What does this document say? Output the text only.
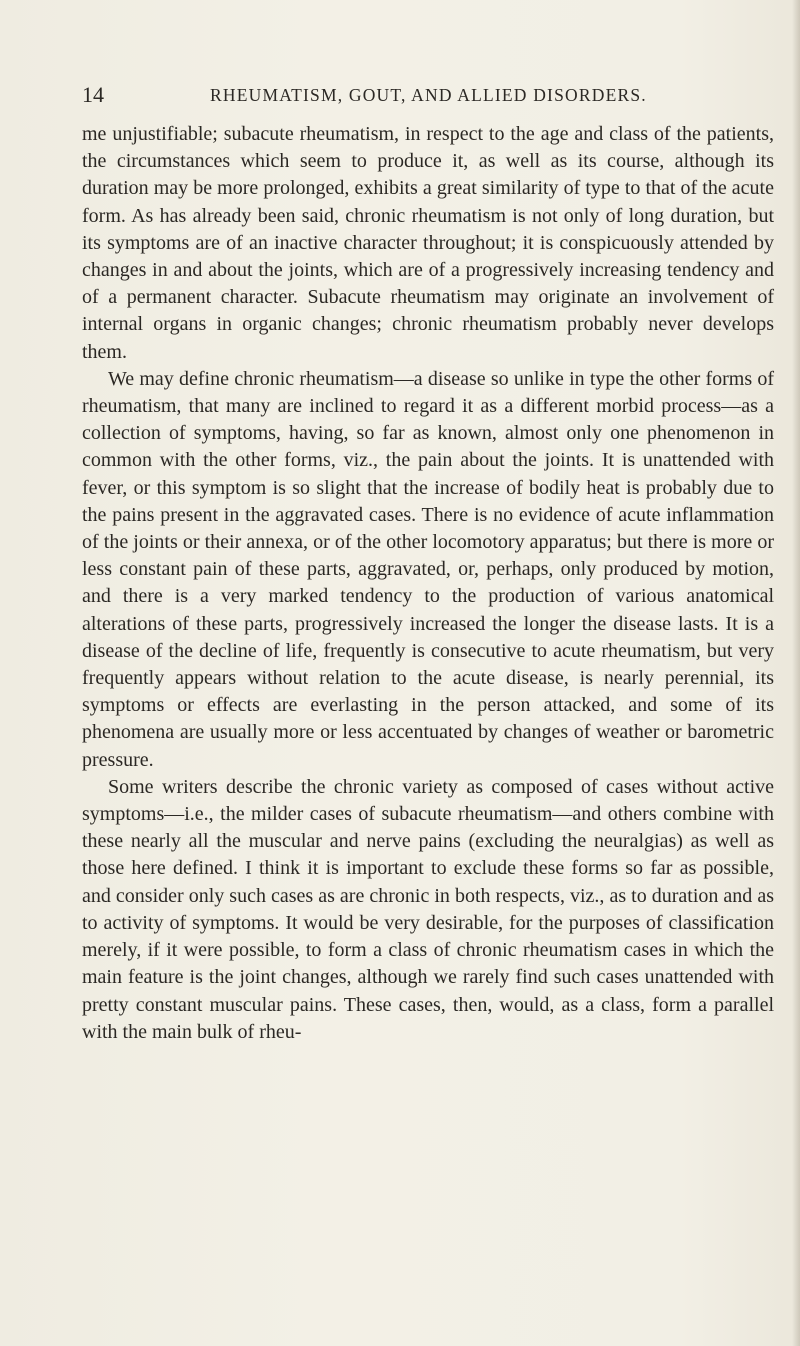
14	RHEUMATISM, GOUT, AND ALLIED DISORDERS.

me unjustifiable; subacute rheumatism, in respect to the age and class of the patients, the circumstances which seem to produce it, as well as its course, although its duration may be more prolonged, exhibits a great similarity of type to that of the acute form. As has already been said, chronic rheumatism is not only of long duration, but its symptoms are of an inactive character throughout; it is conspicuously attended by changes in and about the joints, which are of a progressively increasing tendency and of a permanent character. Subacute rheumatism may originate an involvement of internal organs in organic changes; chronic rheumatism probably never develops them.

We may define chronic rheumatism—a disease so unlike in type the other forms of rheumatism, that many are inclined to regard it as a different morbid process—as a collection of symptoms, having, so far as known, almost only one phenomenon in common with the other forms, viz., the pain about the joints. It is unattended with fever, or this symptom is so slight that the increase of bodily heat is probably due to the pains present in the aggravated cases. There is no evidence of acute inflammation of the joints or their annexa, or of the other locomotory apparatus; but there is more or less constant pain of these parts, aggravated, or, perhaps, only produced by motion, and there is a very marked tendency to the production of various anatomical alterations of these parts, progressively increased the longer the disease lasts. It is a disease of the decline of life, frequently is consecutive to acute rheumatism, but very frequently appears without relation to the acute disease, is nearly perennial, its symptoms or effects are everlasting in the person attacked, and some of its phenomena are usually more or less accentuated by changes of weather or barometric pressure.

Some writers describe the chronic variety as composed of cases without active symptoms—i.e., the milder cases of subacute rheumatism—and others combine with these nearly all the muscular and nerve pains (excluding the neuralgias) as well as those here defined. I think it is important to exclude these forms so far as possible, and consider only such cases as are chronic in both respects, viz., as to duration and as to activity of symptoms. It would be very desirable, for the purposes of classification merely, if it were possible, to form a class of chronic rheumatism cases in which the main feature is the joint changes, although we rarely find such cases unattended with pretty constant muscular pains. These cases, then, would, as a class, form a parallel with the main bulk of rheu-
